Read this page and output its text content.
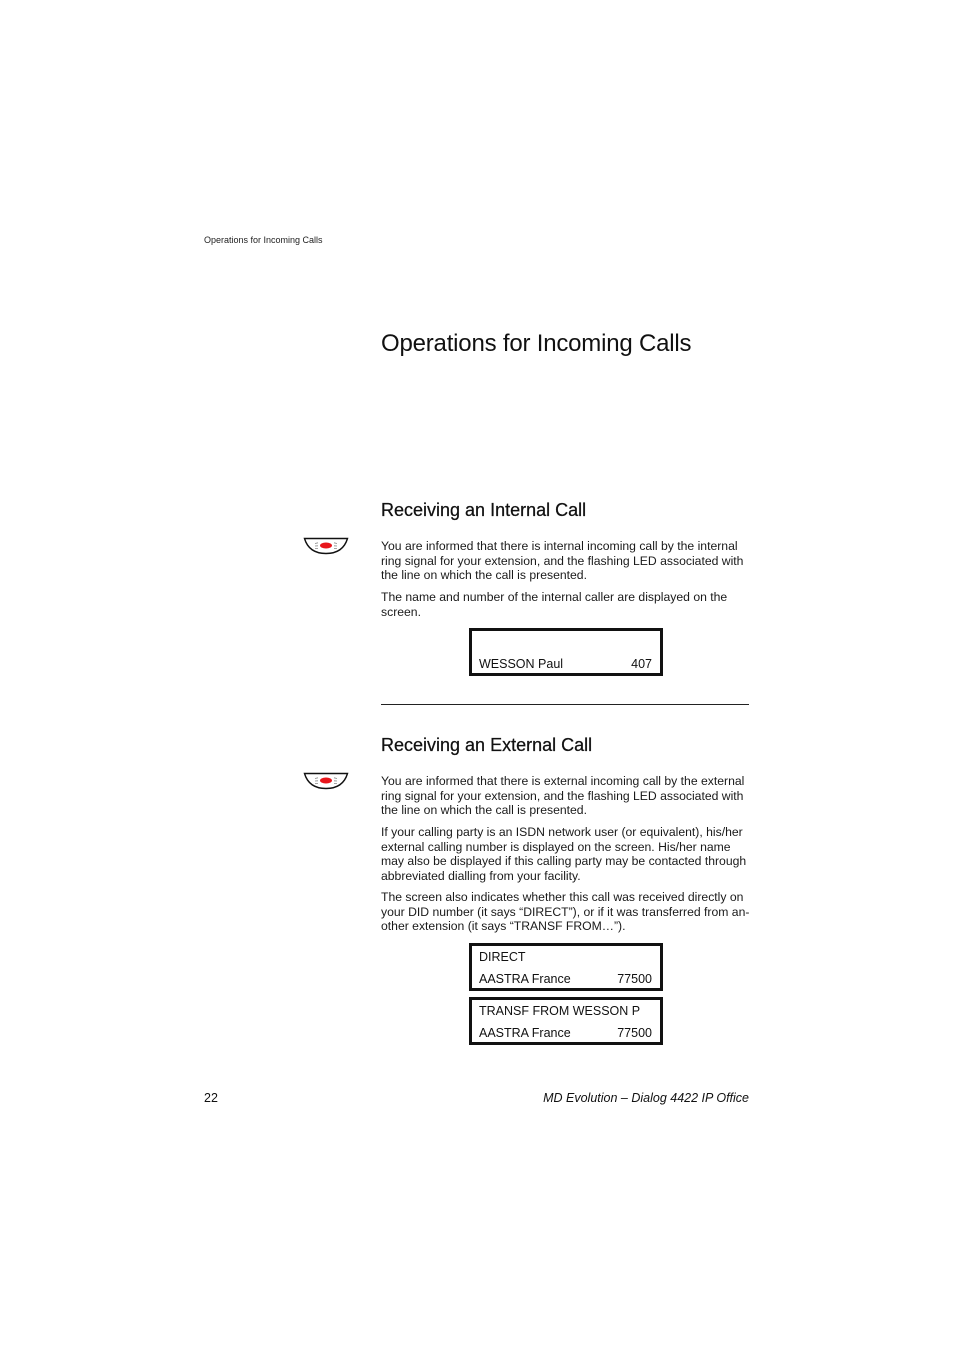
Operations for Incoming Calls
Operations for Incoming Calls
Receiving an Internal Call

You are informed that there is internal incoming call by the internal ring signal for your extension, and the flashing LED associated with the line on which the call is presented.

The name and number of the internal caller are displayed on the screen.

WESSON Paul	407
Receiving an External Call

You are informed that there is external incoming call by the external ring signal for your extension, and the flashing LED associated with the line on which the call is presented.

If your calling party is an ISDN network user (or equivalent), his/her external calling number is displayed on the screen. His/her name may also be displayed if this calling party may be contacted through abbreviated dialling from your facility.

The screen also indicates whether this call was received directly on your DID number (it says “DIRECT”), or if it was transferred from an-other extension (it says “TRANSF FROM…”).

DIRECT
AASTRA France	77500
TRANSF FROM WESSON P
AASTRA France	77500
22	MD Evolution – Dialog 4422 IP Office
